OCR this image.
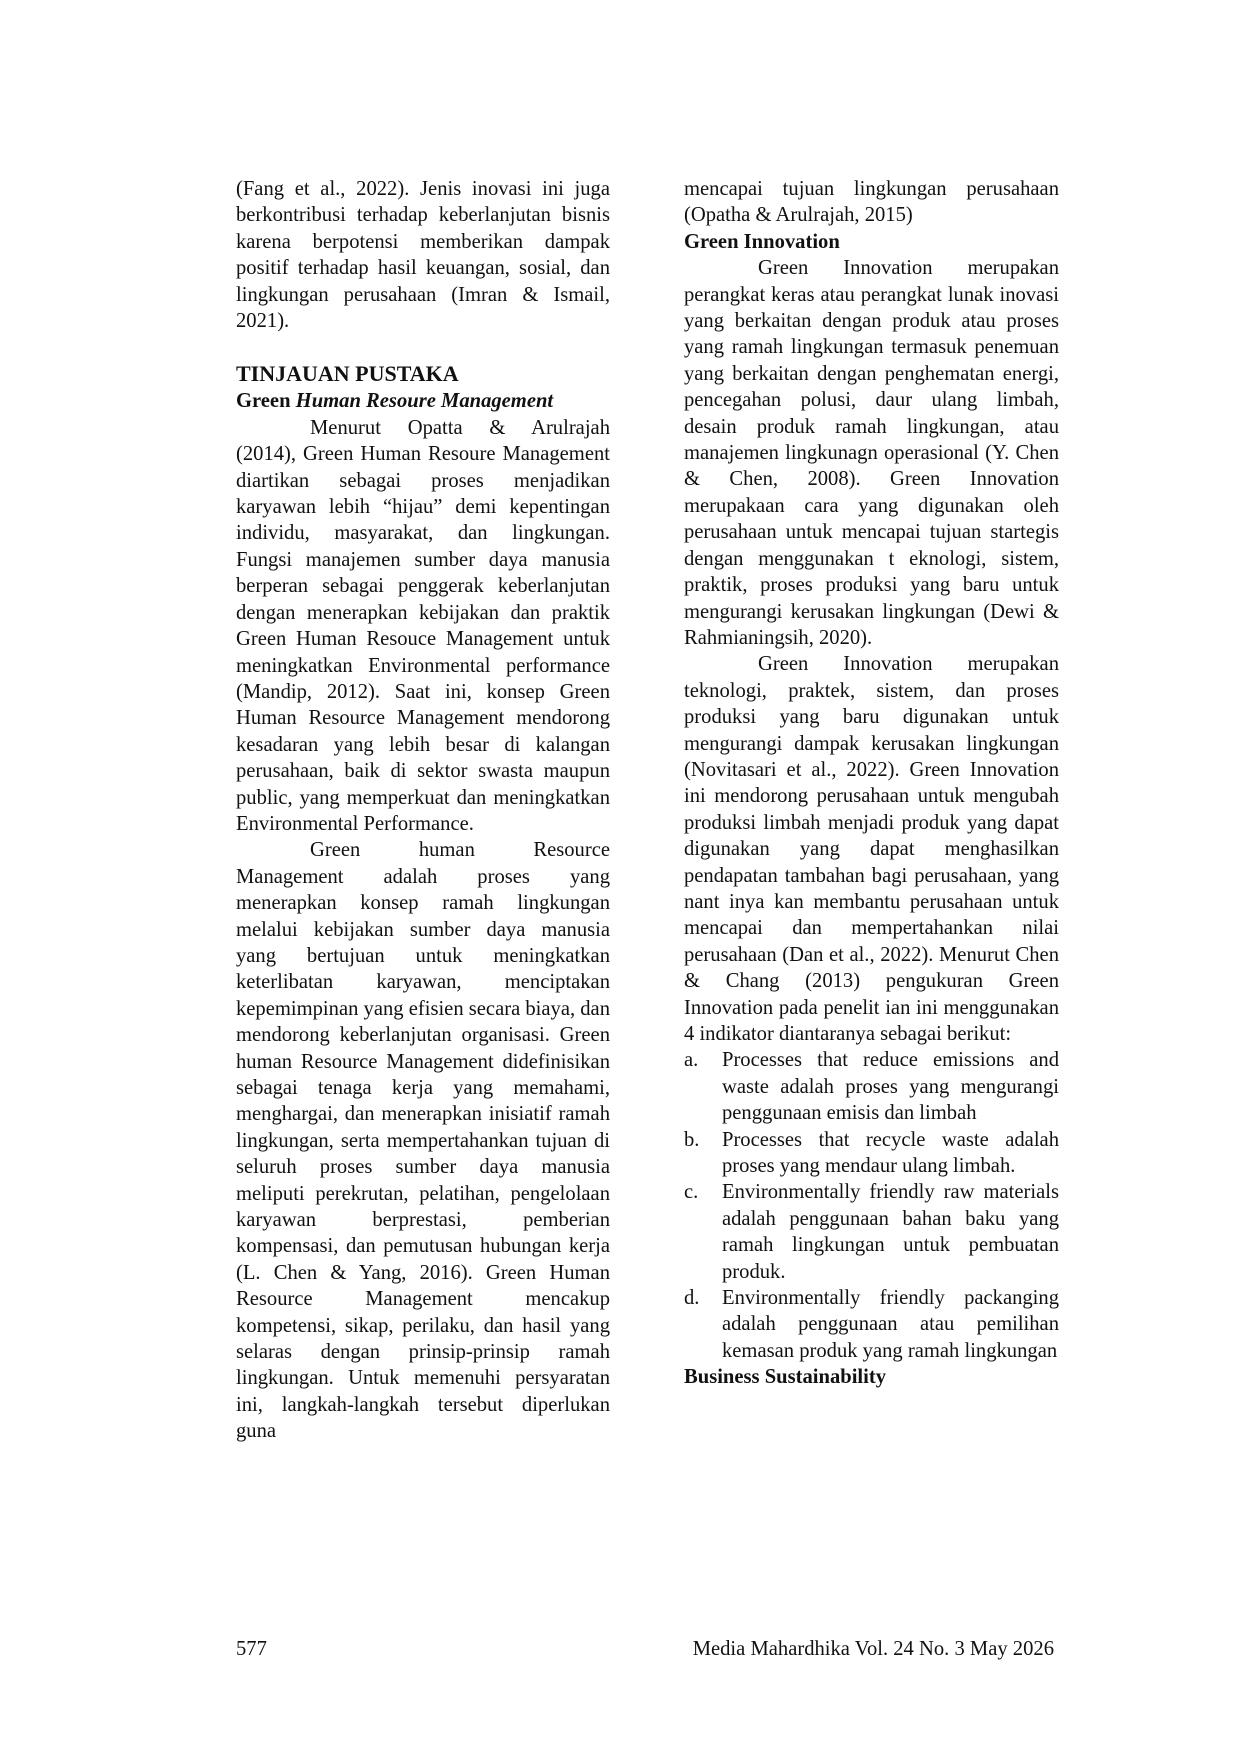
(Fang et al., 2022). Jenis inovasi ini juga berkontribusi terhadap keberlanjutan bisnis karena berpotensi memberikan dampak positif terhadap hasil keuangan, sosial, dan lingkungan perusahaan (Imran & Ismail, 2021).

TINJAUAN PUSTAKA
Green Human Resoure Management

Menurut Opatta & Arulrajah (2014), Green Human Resoure Management diartikan sebagai proses menjadikan karyawan lebih “hijau” demi kepentingan individu, masyarakat, dan lingkungan. Fungsi manajemen sumber daya manusia berperan sebagai penggerak keberlanjutan dengan menerapkan kebijakan dan praktik Green Human Resouce Management untuk meningkatkan Environmental performance (Mandip, 2012). Saat ini, konsep Green Human Resource Management mendorong kesadaran yang lebih besar di kalangan perusahaan, baik di sektor swasta maupun public, yang memperkuat dan meningkatkan Environmental Performance.

Green human Resource Management adalah proses yang menerapkan konsep ramah lingkungan melalui kebijakan sumber daya manusia yang bertujuan untuk meningkatkan keterlibatan karyawan, menciptakan kepemimpinan yang efisien secara biaya, dan mendorong keberlanjutan organisasi. Green human Resource Management didefinisikan sebagai tenaga kerja yang memahami, menghargai, dan menerapkan inisiatif ramah lingkungan, serta mempertahankan tujuan di seluruh proses sumber daya manusia meliputi perekrutan, pelatihan, pengelolaan karyawan berprestasi, pemberian kompensasi, dan pemutusan hubungan kerja (L. Chen & Yang, 2016). Green Human Resource Management mencakup kompetensi, sikap, perilaku, dan hasil yang selaras dengan prinsip-prinsip ramah lingkungan. Untuk memenuhi persyaratan ini, langkah-langkah tersebut diperlukan guna

mencapai tujuan lingkungan perusahaan (Opatha & Arulrajah, 2015)

Green Innovation

Green Innovation merupakan perangkat keras atau perangkat lunak inovasi yang berkaitan dengan produk atau proses yang ramah lingkungan termasuk penemuan yang berkaitan dengan penghematan energi, pencegahan polusi, daur ulang limbah, desain produk ramah lingkungan, atau manajemen lingkunagn operasional (Y. Chen & Chen, 2008). Green Innovation merupakaan cara yang digunakan oleh perusahaan untuk mencapai tujuan startegis dengan menggunakan t eknologi, sistem, praktik, proses produksi yang baru untuk mengurangi kerusakan lingkungan (Dewi & Rahmianingsih, 2020).

Green Innovation merupakan teknologi, praktek, sistem, dan proses produksi yang baru digunakan untuk mengurangi dampak kerusakan lingkungan (Novitasari et al., 2022). Green Innovation ini mendorong perusahaan untuk mengubah produksi limbah menjadi produk yang dapat digunakan yang dapat menghasilkan pendapatan tambahan bagi perusahaan, yang nant inya kan membantu perusahaan untuk mencapai dan mempertahankan nilai perusahaan (Dan et al., 2022). Menurut Chen & Chang (2013) pengukuran Green Innovation pada penelit ian ini menggunakan 4 indikator diantaranya sebagai berikut:

a. Processes that reduce emissions and waste adalah proses yang mengurangi penggunaan emisis dan limbah
b. Processes that recycle waste adalah proses yang mendaur ulang limbah.
c. Environmentally friendly raw materials adalah penggunaan bahan baku yang ramah lingkungan untuk pembuatan produk.
d. Environmentally friendly packanging adalah penggunaan atau pemilihan kemasan produk yang ramah lingkungan
Business Sustainability
577	Media Mahardhika Vol. 24 No. 3 May 2026
